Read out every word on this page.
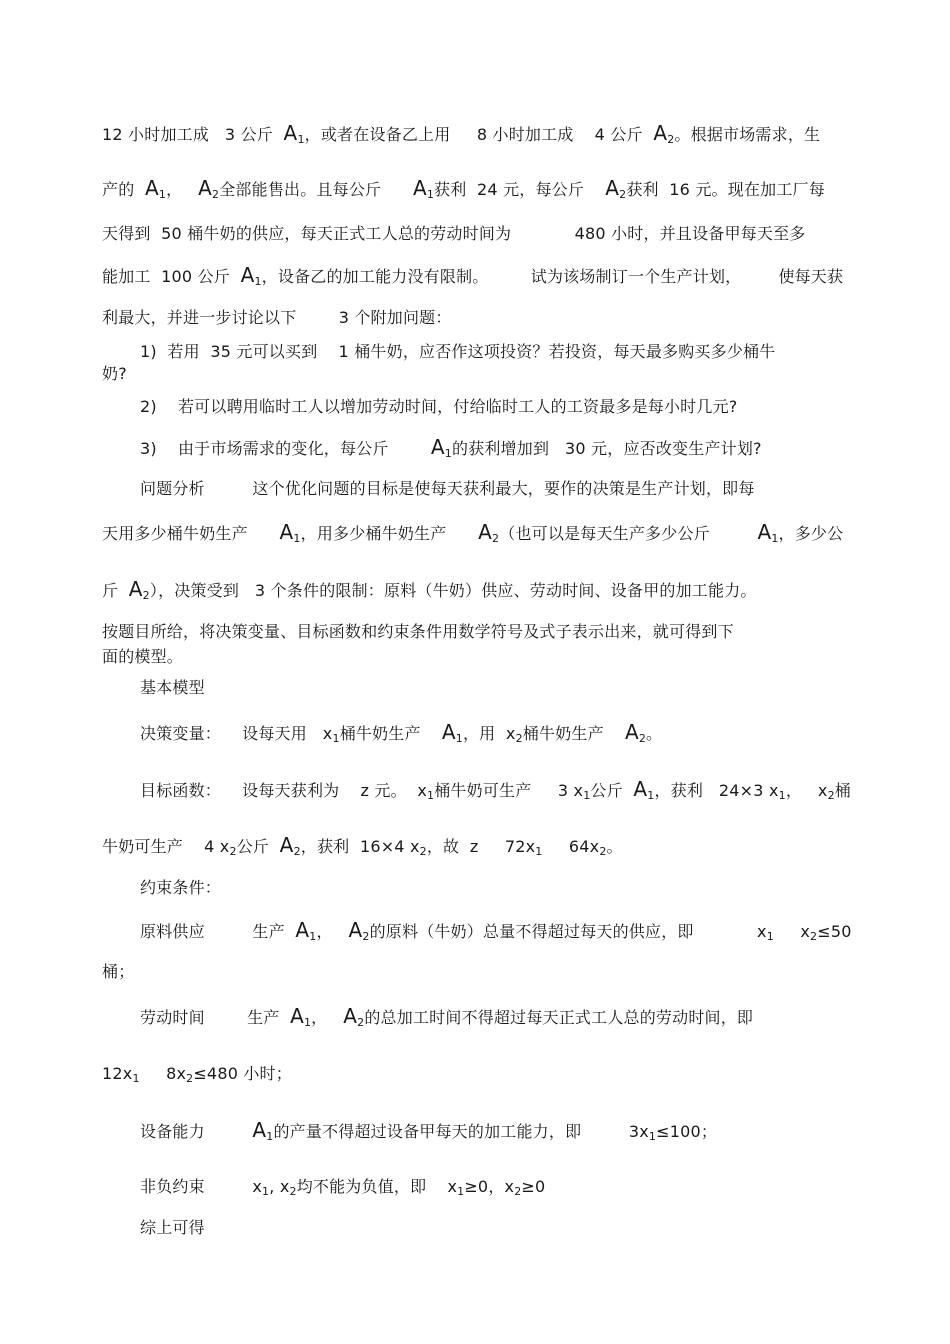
12 小时加工成   3 公斤  $A_1$，或者在设备乙上用     8 小时加工成    4 公斤  $A_2$。根据市场需求，生
产的  $A_1$，   $A_2$全部能售出。且每公斤      $A_1$获利  24 元，每公斤    $A_2$获利  16 元。现在加工厂每
天得到  50 桶牛奶的供应，每天正式工人总的劳动时间为            480 小时，并且设备甲每天至多
能加工  100 公斤  $A_1$，设备乙的加工能力没有限制。        试为该场制订一个生产计划，       使每天获
利最大，并进一步讨论以下        3 个附加问题：
1)  若用  35 元可以买到    1 桶牛奶，应否作这项投资？若投资，每天最多购买多少桶牛
奶?
2)    若可以聘用临时工人以增加劳动时间，付给临时工人的工资最多是每小时几元?
3)    由于市场需求的变化，每公斤        $A_1$的获利增加到   30 元，应否改变生产计划?
问题分析         这个优化问题的目标是使每天获利最大，要作的决策是生产计划，即每
天用多少桶牛奶生产      $A_1$，用多少桶牛奶生产      $A_2$（也可以是每天生产多少公斤         $A_1$，多少公
斤  $A_2$），决策受到   3 个条件的限制：原料（牛奶）供应、劳动时间、设备甲的加工能力。
按题目所给，将决策变量、目标函数和约束条件用数学符号及式子表示出来，就可得到下
面的模型。
基本模型
决策变量：    设每天用   $x_1$桶牛奶生产    $A_1$，用  $x_2$桶牛奶生产    $A_2$。
目标函数：    设每天获利为    z 元。  $x_1$桶牛奶可生产     3 $x_1$公斤  $A_1$，获利   24×3 $x_1$，   $x_2$桶
牛奶可生产    4 $x_2$公斤  $A_2$，获利  16×4 $x_2$，故  z     $72x_1$     $64x_2$。
约束条件：
原料供应         生产  $A_1$，   $A_2$的原料（牛奶）总量不得超过每天的供应，即            $x_1$     $x_2\le 50$
桶；
劳动时间        生产  $A_1$，   $A_2$的总加工时间不得超过每天正式工人总的劳动时间，即
$12x_1$     $8x_2\le 480$ 小时；
设备能力         $A_1$的产量不得超过设备甲每天的加工能力，即         $3x_1\le 100$；
非负约束         $x_1$, $x_2$均不能为负值，即    $x_1\ge 0$，$x_2\ge 0$
综上可得
